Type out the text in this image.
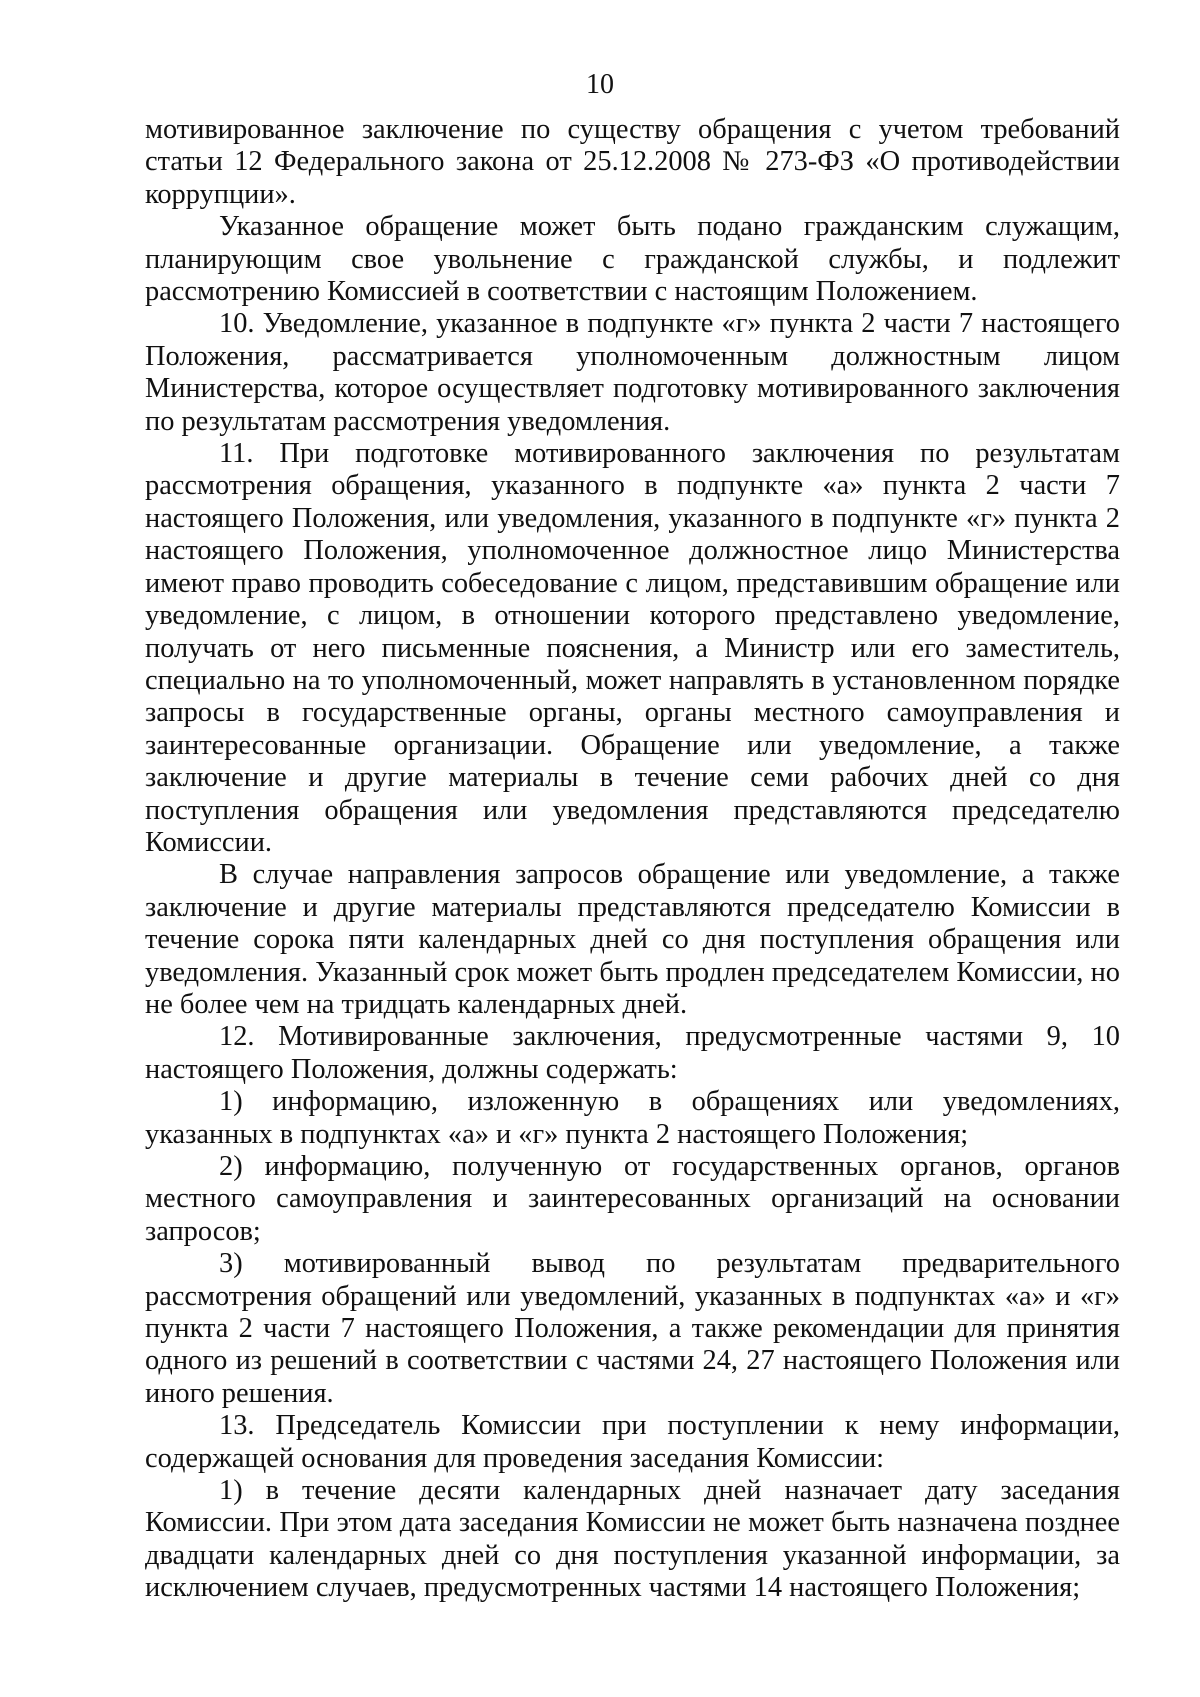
10

мотивированное заключение по существу обращения с учетом требований статьи 12 Федерального закона от 25.12.2008 № 273-ФЗ «О противодействии коррупции».

Указанное обращение может быть подано гражданским служащим, планирующим свое увольнение с гражданской службы, и подлежит рассмотрению Комиссией в соответствии с настоящим Положением.

10. Уведомление, указанное в подпункте «г» пункта 2 части 7 настоящего Положения, рассматривается уполномоченным должностным лицом Министерства, которое осуществляет подготовку мотивированного заключения по результатам рассмотрения уведомления.

11. При подготовке мотивированного заключения по результатам рассмотрения обращения, указанного в подпункте «а» пункта 2 части 7 настоящего Положения, или уведомления, указанного в подпункте «г» пункта 2 настоящего Положения, уполномоченное должностное лицо Министерства имеют право проводить собеседование с лицом, представившим обращение или уведомление, с лицом, в отношении которого представлено уведомление, получать от него письменные пояснения, а Министр или его заместитель, специально на то уполномоченный, может направлять в установленном порядке запросы в государственные органы, органы местного самоуправления и заинтересованные организации. Обращение или уведомление, а также заключение и другие материалы в течение семи рабочих дней со дня поступления обращения или уведомления представляются председателю Комиссии.

В случае направления запросов обращение или уведомление, а также заключение и другие материалы представляются председателю Комиссии в течение сорока пяти календарных дней со дня поступления обращения или уведомления. Указанный срок может быть продлен председателем Комиссии, но не более чем на тридцать календарных дней.

12. Мотивированные заключения, предусмотренные частями 9, 10 настоящего Положения, должны содержать:

1) информацию, изложенную в обращениях или уведомлениях, указанных в подпунктах «а» и «г» пункта 2 настоящего Положения;

2) информацию, полученную от государственных органов, органов местного самоуправления и заинтересованных организаций на основании запросов;

3) мотивированный вывод по результатам предварительного рассмотрения обращений или уведомлений, указанных в подпунктах «а» и «г» пункта 2 части 7 настоящего Положения, а также рекомендации для принятия одного из решений в соответствии с частями 24, 27 настоящего Положения или иного решения.

13. Председатель Комиссии при поступлении к нему информации, содержащей основания для проведения заседания Комиссии:

1) в течение десяти календарных дней назначает дату заседания Комиссии. При этом дата заседания Комиссии не может быть назначена позднее двадцати календарных дней со дня поступления указанной информации, за исключением случаев, предусмотренных частями 14 настоящего Положения;
